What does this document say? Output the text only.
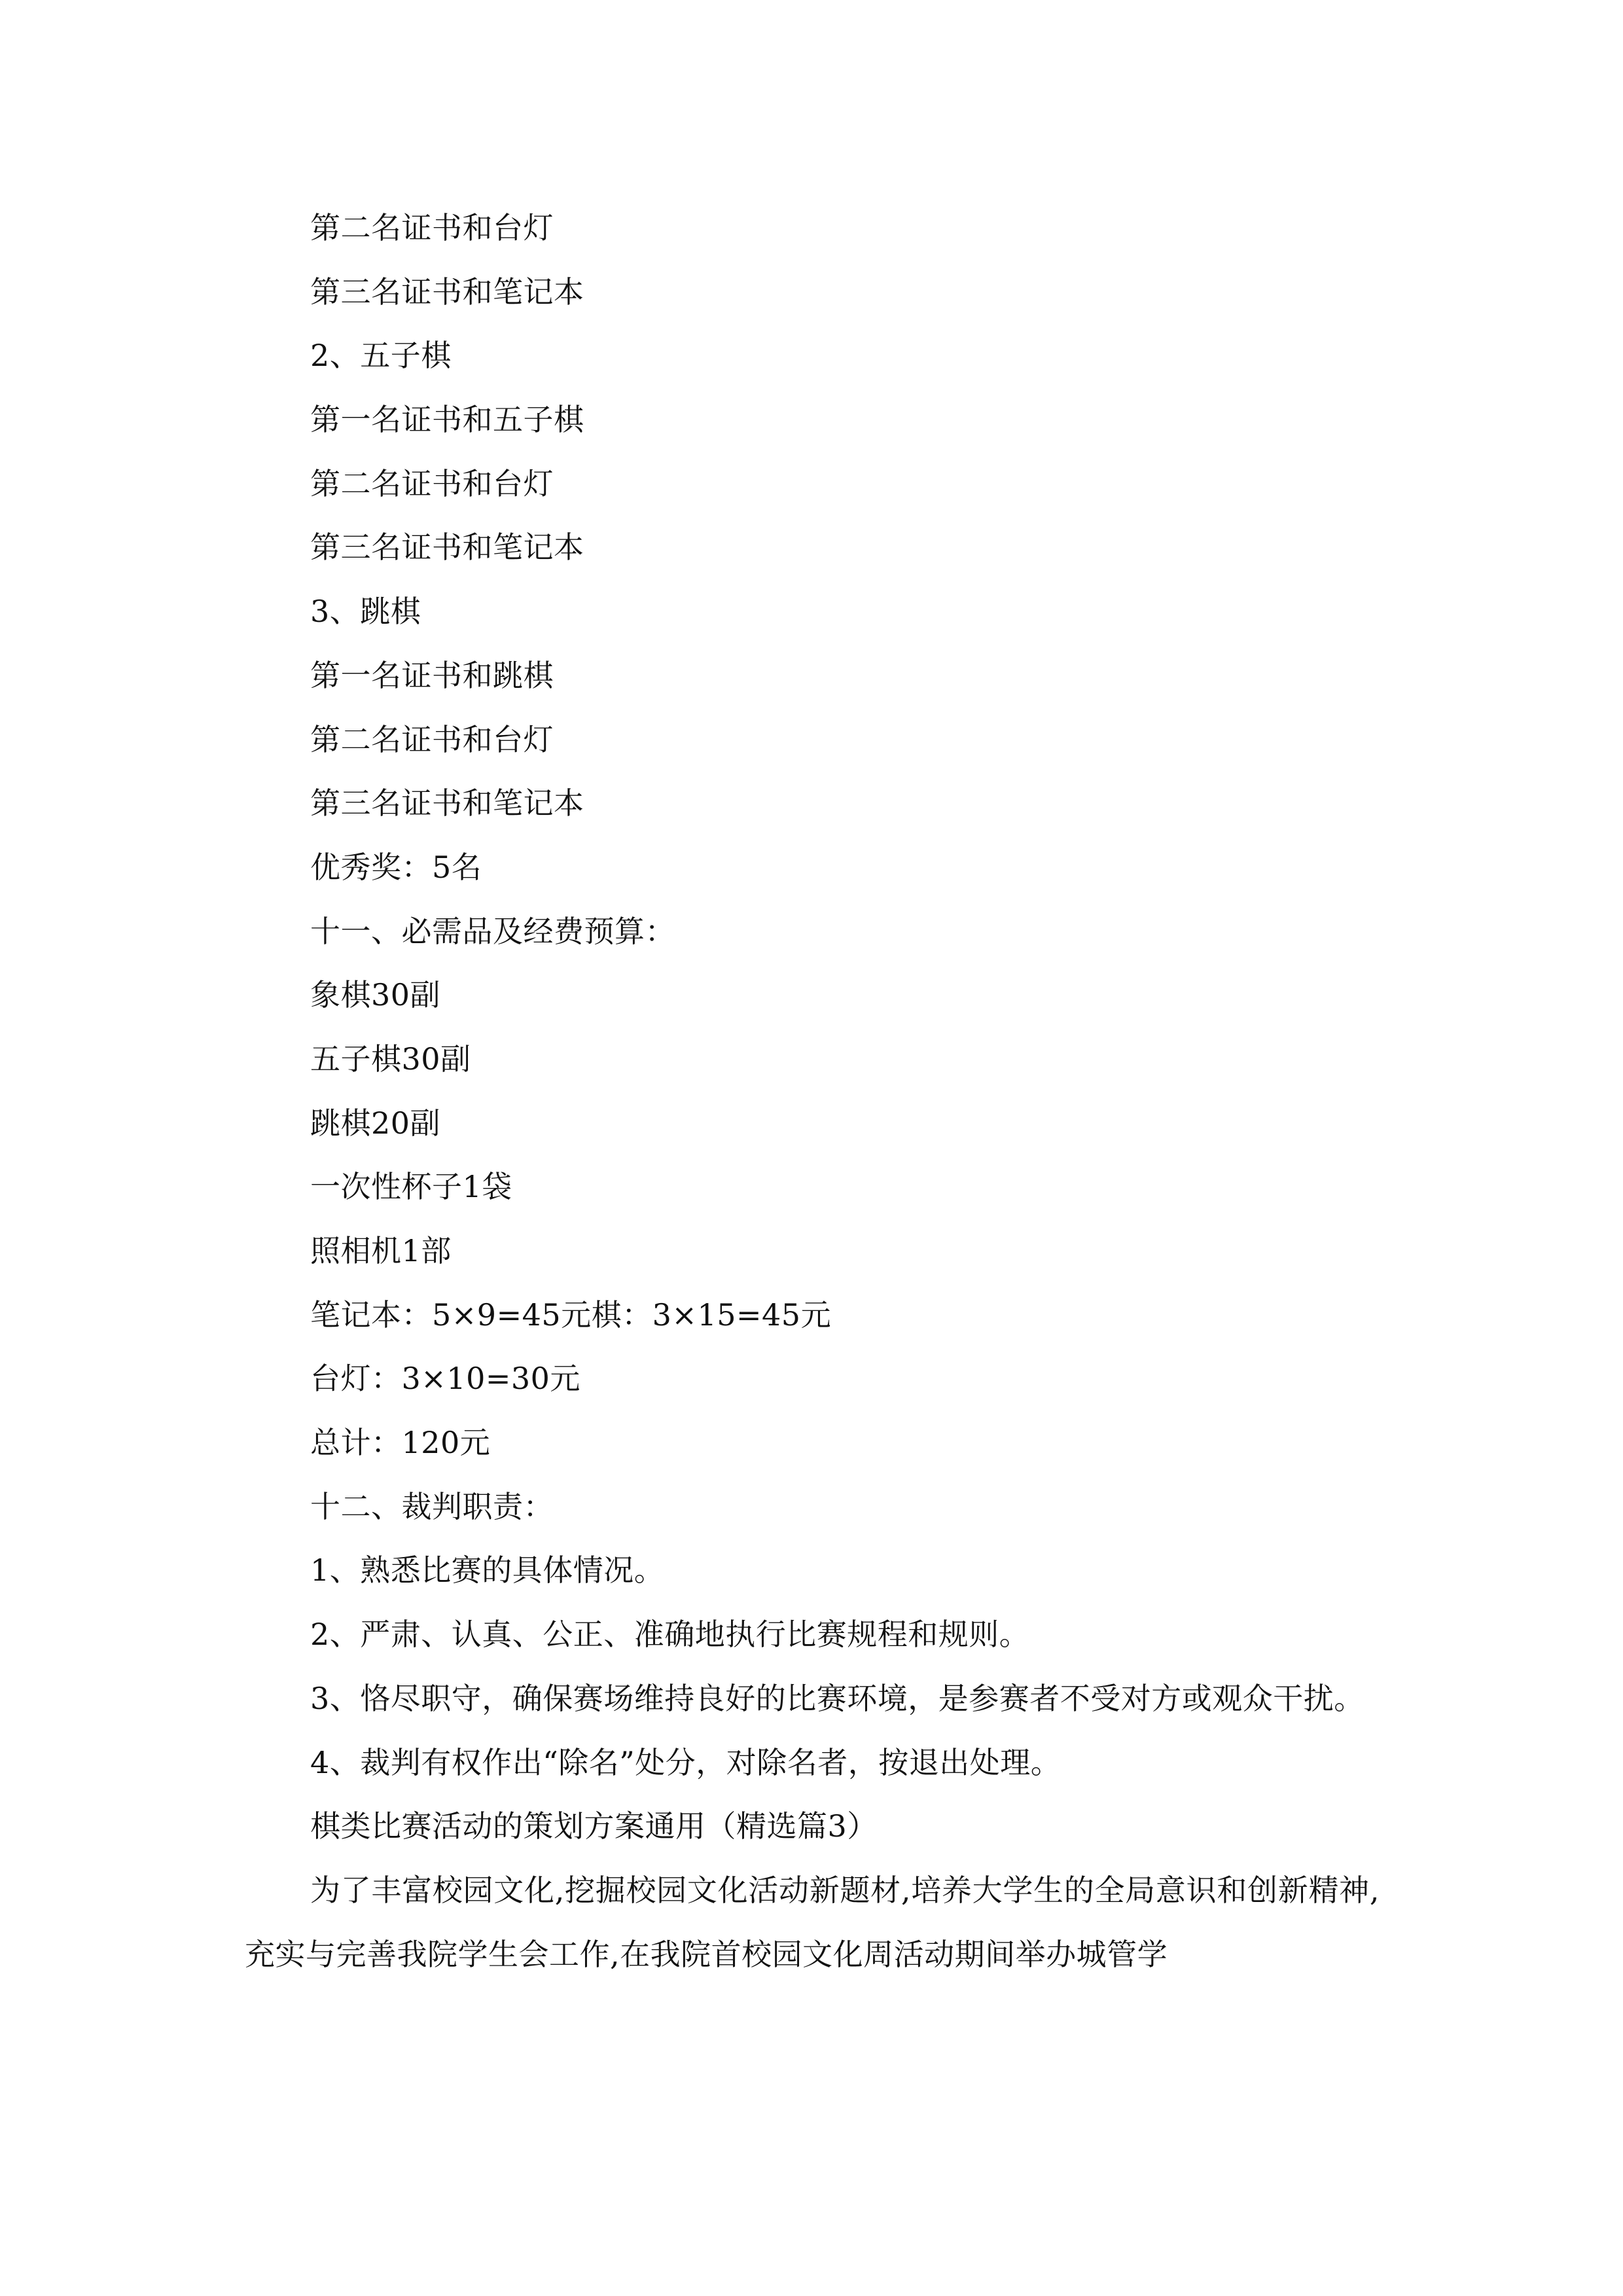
第二名证书和台灯
第三名证书和笔记本
2、五子棋
第一名证书和五子棋
第二名证书和台灯
第三名证书和笔记本
3、跳棋
第一名证书和跳棋
第二名证书和台灯
第三名证书和笔记本
优秀奖：5名
十一、必需品及经费预算：
象棋30副
五子棋30副
跳棋20副
一次性杯子1袋
照相机1部
笔记本：5×9=45元棋：3×15=45元
台灯：3×10=30元
总计：120元
十二、裁判职责：
1、熟悉比赛的具体情况。
2、严肃、认真、公正、准确地执行比赛规程和规则。

3、恪尽职守，确保赛场维持良好的比赛环境，是参赛者不受对方或观众干扰。

4、裁判有权作出“除名”处分，对除名者，按退出处理。
棋类比赛活动的策划方案通用（精选篇3）

为了丰富校园文化,挖掘校园文化活动新题材,培养大学生的全局意识和创新精神,充实与完善我院学生会工作,在我院首校园文化周活动期间举办城管学
